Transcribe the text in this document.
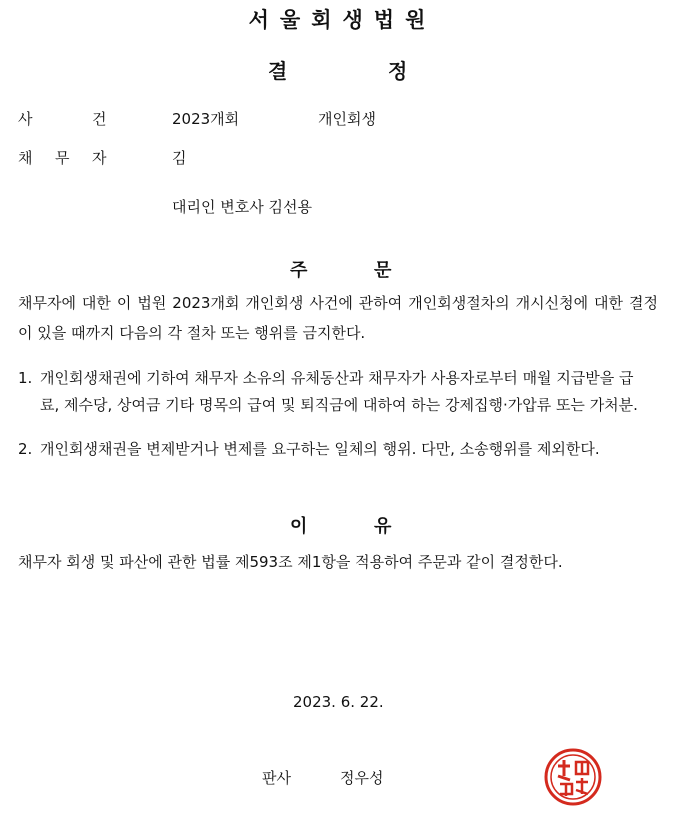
서울회생법원
결	정
사	건	2023개회	개인회생
채 무 자	김
대리인 변호사 김선용
주	문
채무자에 대한 이 법원 2023개회 개인회생 사건에 관하여 개인회생절차의 개시신청에 대한 결정이 있을 때까지 다음의 각 절차 또는 행위를 금지한다.
1. 개인회생채권에 기하여 채무자 소유의 유체동산과 채무자가 사용자로부터 매월 지급받을 급료, 제수당, 상여금 기타 명목의 급여 및 퇴직금에 대하여 하는 강제집행·가압류 또는 가처분.
2. 개인회생채권을 변제받거나 변제를 요구하는 일체의 행위. 다만, 소송행위를 제외한다.
이	유
채무자 회생 및 파산에 관한 법률 제593조 제1항을 적용하여 주문과 같이 결정한다.
2023. 6. 22.
판사	정우성
